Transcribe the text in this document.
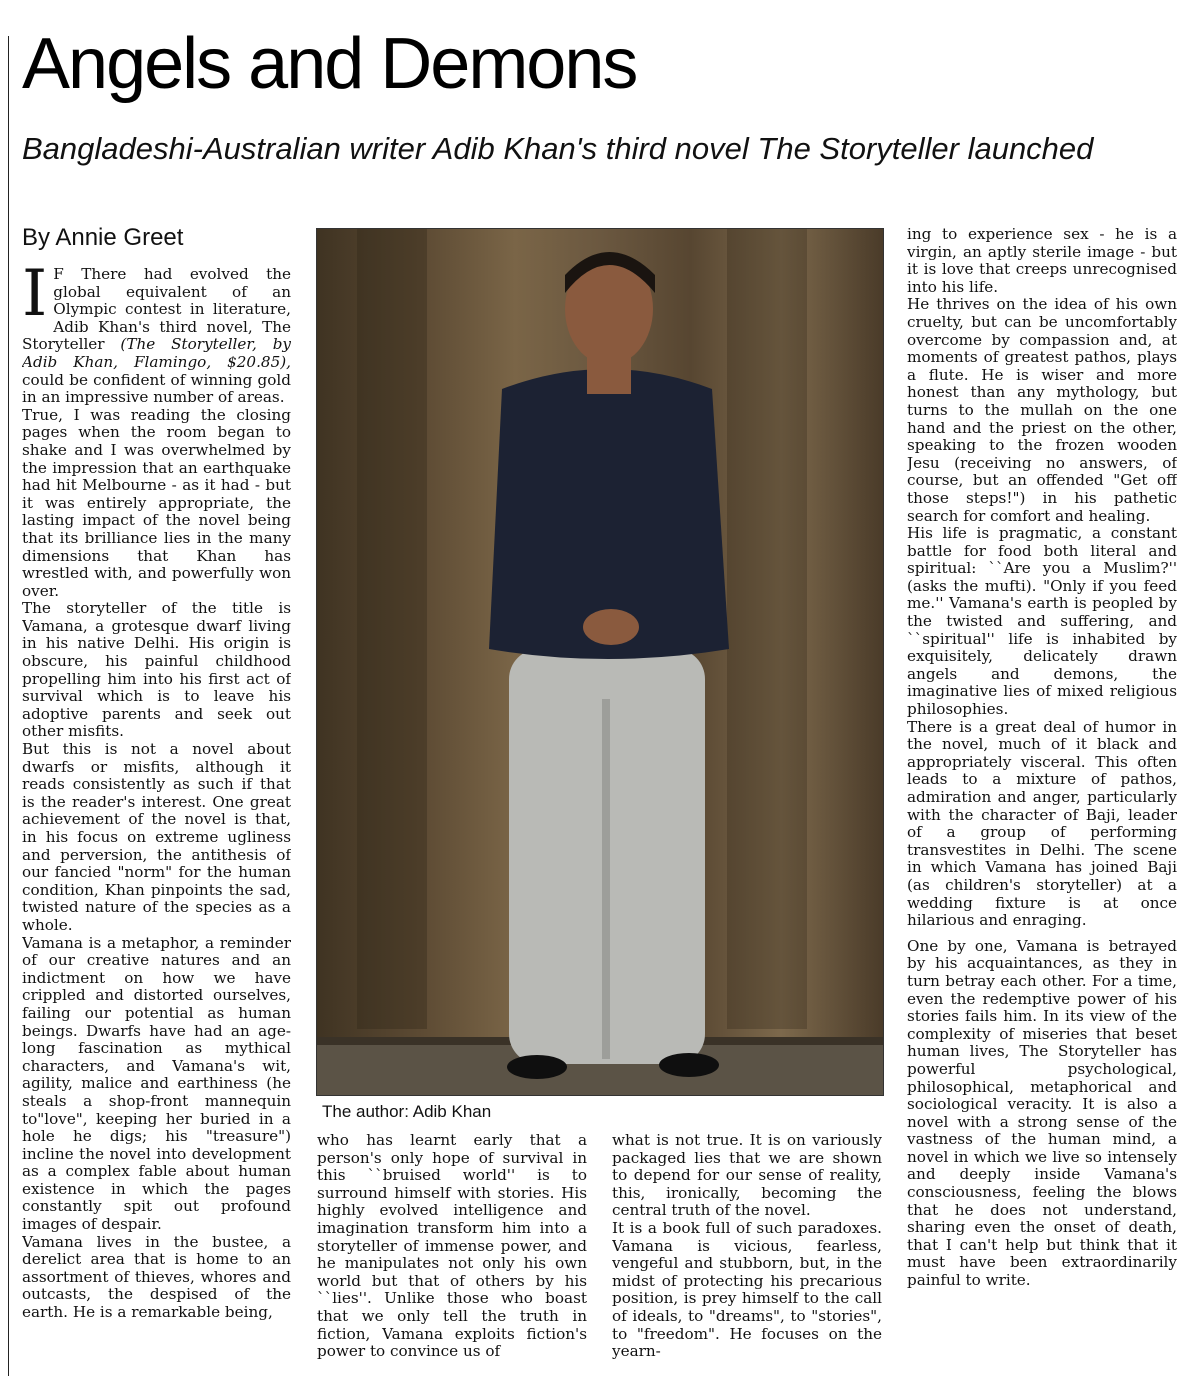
Angels and Demons

Bangladeshi-Australian writer Adib Khan's third novel The Storyteller launched

By Annie Greet

I F There had evolved the global equivalent of an Olympic contest in literature, Adib Khan's third novel, The Storyteller (The Storyteller, by Adib Khan, Flamingo, $20.85), could be confident of winning gold in an impressive number of areas.

True, I was reading the closing pages when the room began to shake and I was overwhelmed by the impression that an earthquake had hit Melbourne - as it had - but it was entirely appropriate, the lasting impact of the novel being that its brilliance lies in the many dimensions that Khan has wrestled with, and powerfully won over.

The storyteller of the title is Vamana, a grotesque dwarf living in his native Delhi. His origin is obscure, his painful childhood propelling him into his first act of survival which is to leave his adoptive parents and seek out other misfits.

But this is not a novel about dwarfs or misfits, although it reads consistently as such if that is the reader's interest. One great achievement of the novel is that, in his focus on extreme ugliness and perversion, the antithesis of our fancied "norm" for the human condition, Khan pinpoints the sad, twisted nature of the species as a whole.

Vamana is a metaphor, a reminder of our creative natures and an indictment on how we have crippled and distorted ourselves, failing our potential as human beings. Dwarfs have had an age-long fascination as mythical characters, and Vamana's wit, agility, malice and earthiness (he steals a shop-front mannequin to"love", keeping her buried in a hole he digs; his "treasure") incline the novel into development as a complex fable about human existence in which the pages constantly spit out profound images of despair.

Vamana lives in the bustee, a derelict area that is home to an assortment of thieves, whores and outcasts, the despised of the earth. He is a remarkable being,

The author: Adib Khan

who has learnt early that a person's only hope of survival in this ``bruised world'' is to surround himself with stories. His highly evolved intelligence and imagination transform him into a storyteller of immense power, and he manipulates not only his own world but that of others by his ``lies''. Unlike those who boast that we only tell the truth in fiction, Vamana exploits fiction's power to convince us of

what is not true. It is on variously packaged lies that we are shown to depend for our sense of reality, this, ironically, becoming the central truth of the novel.

It is a book full of such paradoxes. Vamana is vicious, fearless, vengeful and stubborn, but, in the midst of protecting his precarious position, is prey himself to the call of ideals, to "dreams", to "stories", to "freedom". He focuses on the yearn-

ing to experience sex - he is a virgin, an aptly sterile image - but it is love that creeps unrecognised into his life.

He thrives on the idea of his own cruelty, but can be uncomfortably overcome by compassion and, at moments of greatest pathos, plays a flute. He is wiser and more honest than any mythology, but turns to the mullah on the one hand and the priest on the other, speaking to the frozen wooden Jesu (receiving no answers, of course, but an offended "Get off those steps!") in his pathetic search for comfort and healing.

His life is pragmatic, a constant battle for food both literal and spiritual: ``Are you a Muslim?'' (asks the mufti). "Only if you feed me.'' Vamana's earth is peopled by the twisted and suffering, and ``spiritual'' life is inhabited by exquisitely, delicately drawn angels and demons, the imaginative lies of mixed religious philosophies.

There is a great deal of humor in the novel, much of it black and appropriately visceral. This often leads to a mixture of pathos, admiration and anger, particularly with the character of Baji, leader of a group of performing transvestites in Delhi. The scene in which Vamana has joined Baji (as children's storyteller) at a wedding fixture is at once hilarious and enraging.

One by one, Vamana is betrayed by his acquaintances, as they in turn betray each other. For a time, even the redemptive power of his stories fails him. In its view of the complexity of miseries that beset human lives, The Storyteller has powerful psychological, philosophical, metaphorical and sociological veracity. It is also a novel with a strong sense of the vastness of the human mind, a novel in which we live so intensely and deeply inside Vamana's consciousness, feeling the blows that he does not understand, sharing even the onset of death, that I can't help but think that it must have been extraordinarily painful to write.
